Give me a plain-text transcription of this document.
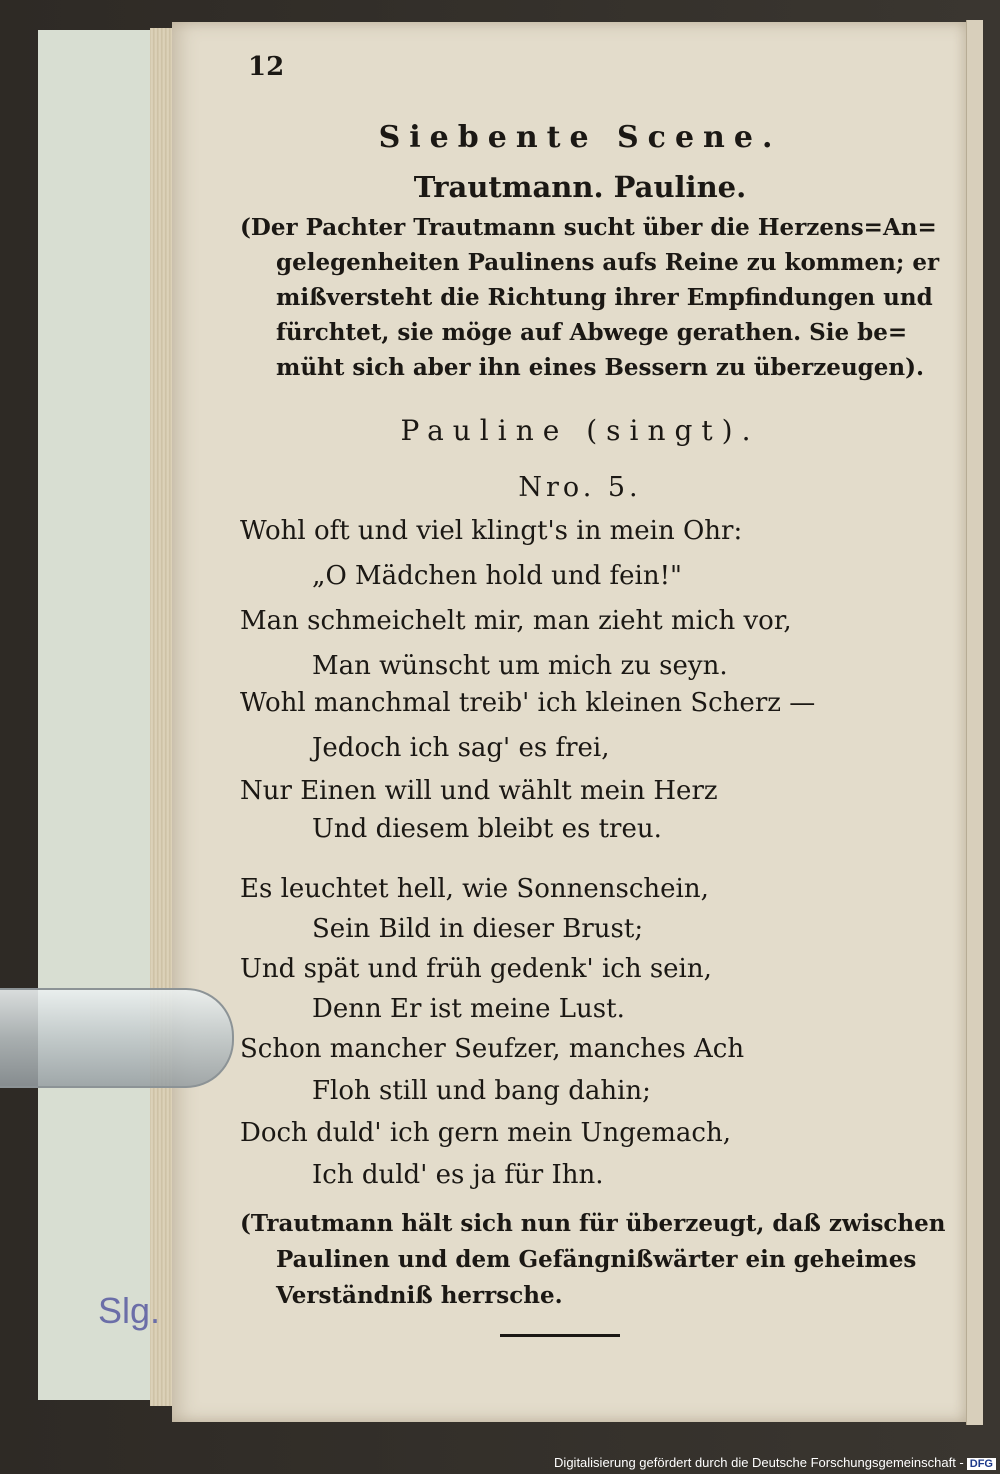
Slg.
12
Siebente Scene.
Trautmann. Pauline.
(Der Pachter Trautmann sucht über die Herzens=An=
gelegenheiten Paulinens aufs Reine zu kommen; er
mißversteht die Richtung ihrer Empfindungen und
fürchtet, sie möge auf Abwege gerathen. Sie be=
müht sich aber ihn eines Bessern zu überzeugen).
Pauline (singt).
Nro. 5.
Wohl oft und viel klingt's in mein Ohr:
„O Mädchen hold und fein!"
Man schmeichelt mir, man zieht mich vor,
Man wünscht um mich zu seyn.
Wohl manchmal treib' ich kleinen Scherz —
Jedoch ich sag' es frei,
Nur Einen will und wählt mein Herz
Und diesem bleibt es treu.
Es leuchtet hell, wie Sonnenschein,
Sein Bild in dieser Brust;
Und spät und früh gedenk' ich sein,
Denn Er ist meine Lust.
Schon mancher Seufzer, manches Ach
Floh still und bang dahin;
Doch duld' ich gern mein Ungemach,
Ich duld' es ja für Ihn.
(Trautmann hält sich nun für überzeugt, daß zwischen
Paulinen und dem Gefängnißwärter ein geheimes
Verständniß herrsche.
Digitalisierung gefördert durch die Deutsche Forschungsgemeinschaft - DFG
